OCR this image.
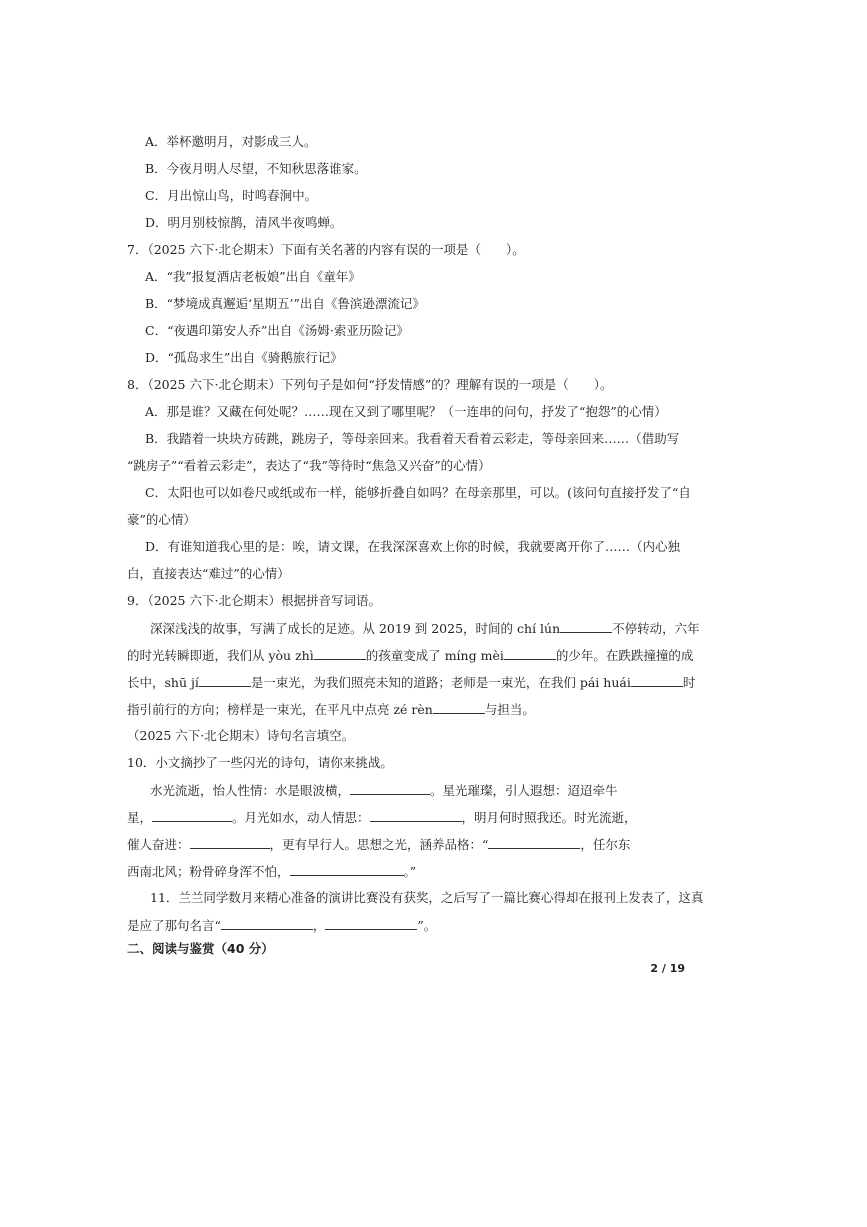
A．举杯邀明月，对影成三人。
B．今夜月明人尽望，不知秋思落谁家。
C．月出惊山鸟，时鸣春涧中。
D．明月别枝惊鹊，清风半夜鸣蝉。
7．（2025 六下·北仑期末）下面有关名著的内容有误的一项是（　　）。
A．“我”报复酒店老板娘”出自《童年》
B．“梦境成真邂逅‘星期五’”出自《鲁滨逊漂流记》
C．“夜遇印第安人乔”出自《汤姆·索亚历险记》
D．“孤岛求生”出自《骑鹅旅行记》
8．（2025 六下·北仑期末）下列句子是如何“抒发情感”的？理解有误的一项是（　　）。
A．那是谁？又藏在何处呢？……现在又到了哪里呢？（一连串的问句，抒发了“抱怨”的心情）
B．我踏着一块块方砖跳，跳房子，等母亲回来。我看着天看着云彩走，等母亲回来……（借助写
“跳房子”“看着云彩走”，表达了“我”等待时“焦急又兴奋”的心情）
C．太阳也可以如卷尺或纸或布一样，能够折叠自如吗？在母亲那里，可以。(该问句直接抒发了“自
豪”的心情）
D．有谁知道我心里的是：唉，请文课，在我深深喜欢上你的时候，我就要离开你了……（内心独
白，直接表达“难过”的心情）
9．（2025 六下·北仑期末）根据拼音写词语。
深深浅浅的故事，写满了成长的足迹。从 2019 到 2025，时间的 chí lún	不停转动，六年
的时光转瞬即逝，我们从 yòu zhì	的孩童变成了 míng mèi	的少年。在跌跌撞撞的成
长中，shū jí	是一束光，为我们照亮未知的道路；老师是一束光，在我们 pái huái	时
指引前行的方向；榜样是一束光，在平凡中点亮 zé rèn	与担当。
（2025 六下·北仑期末）诗句名言填空。
10．小文摘抄了一些闪光的诗句，请你来挑战。
水光流逝，怡人性情：水是眼波横，	。星光璀璨，引人遐想：迢迢牵牛
星，	。月光如水，动人情思：	，明月何时照我还。时光流逝，
催人奋进：	，更有早行人。思想之光，涵养品格：“	，任尔东
西南北风；粉骨碎身浑不怕，	。”
11．兰兰同学数月来精心准备的演讲比赛没有获奖，之后写了一篇比赛心得却在报刊上发表了，这真
是应了那句名言“	，	”。
二、阅读与鉴赏（40 分）
2 / 19
